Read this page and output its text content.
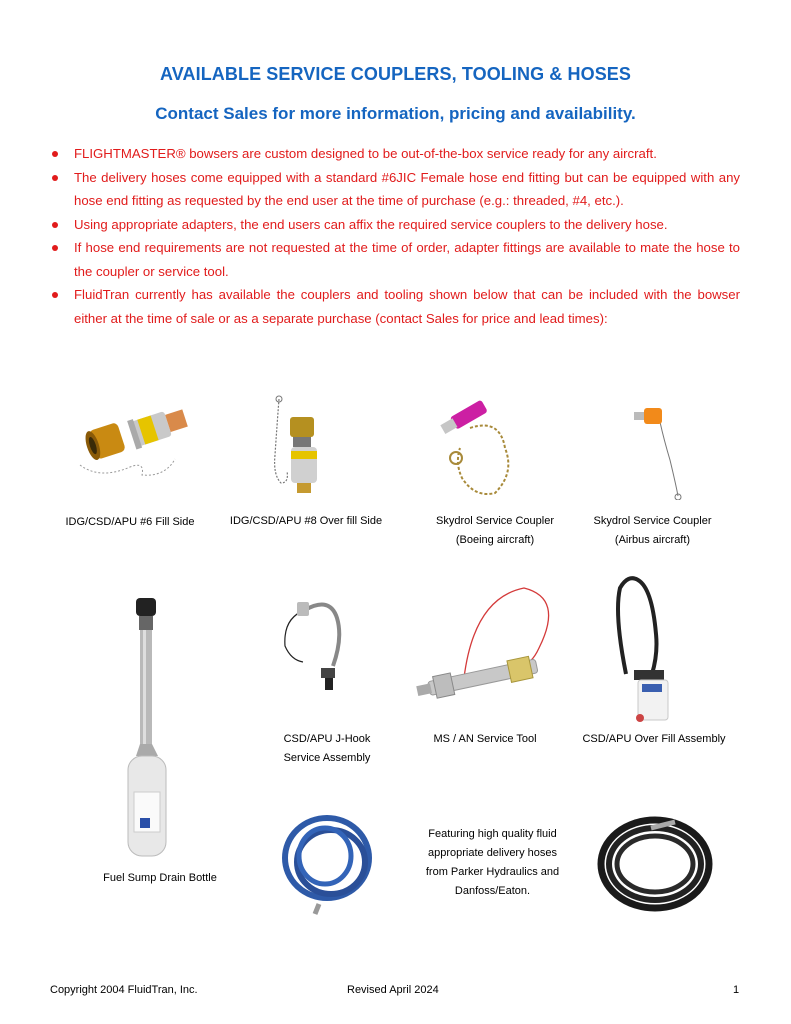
AVAILABLE SERVICE COUPLERS, TOOLING & HOSES
Contact Sales for more information, pricing and availability.
FLIGHTMASTER® bowsers are custom designed to be out-of-the-box service ready for any aircraft.
The delivery hoses come equipped with a standard #6JIC Female hose end fitting but can be equipped with any hose end fitting as requested by the end user at the time of purchase (e.g.: threaded, #4, etc.).
Using appropriate adapters, the end users can affix the required service couplers to the delivery hose.
If hose end requirements are not requested at the time of order, adapter fittings are available to mate the hose to the coupler or service tool.
FluidTran currently has available the couplers and tooling shown below that can be included with the bowser either at the time of sale or as a separate purchase (contact Sales for price and lead times):
IDG/CSD/APU #6 Fill Side	IDG/CSD/APU #8 Over fill Side	Skydrol Service Coupler
(Boeing aircraft)
Skydrol Service Coupler
(Airbus aircraft)
CSD/APU J-Hook
Service Assembly
MS / AN Service Tool	CSD/APU Over Fill Assembly
Fuel Sump Drain Bottle
Featuring high quality fluid
appropriate delivery hoses
from Parker Hydraulics and
Danfoss/Eaton.
Copyright 2004 FluidTran, Inc.	Revised April 2024	1
